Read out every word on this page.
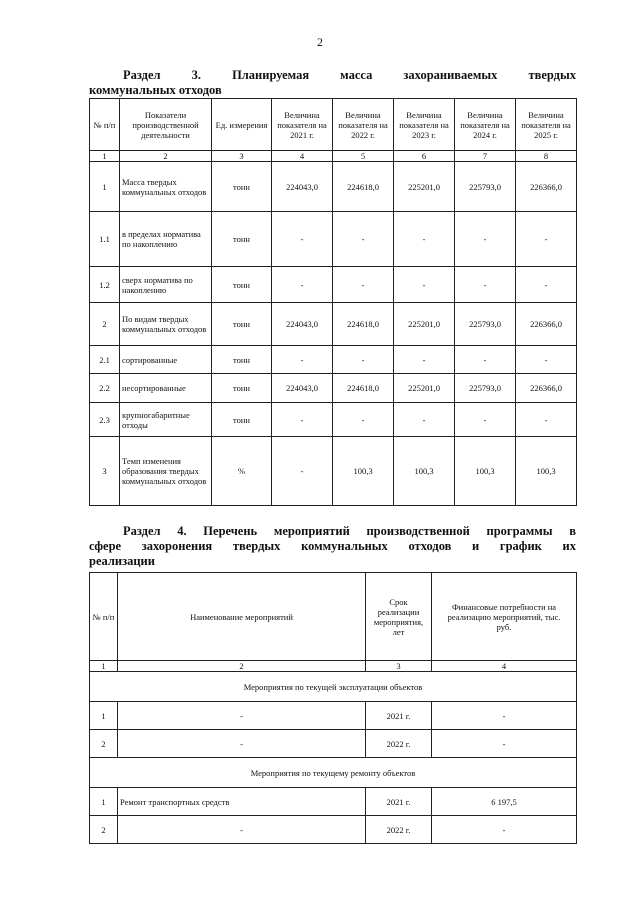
2
Раздел 3. Планируемая масса захораниваемых твердых
коммунальных отходов
№ п/п	Показатели производственной деятельности	Ед. измерения	Величина показателя на 2021 г.	Величина показателя на 2022 г.	Величина показателя на 2023 г.	Величина показателя на 2024 г.	Величина показателя на 2025 г.
1	2	3	4	5	6	7	8
1	Масса твердых коммунальных отходов	тонн	224043,0	224618,0	225201,0	225793,0	226366,0
1.1	в пределах норматива по накоплению	тонн	-	-	-	-	-
1.2	сверх норматива по накоплению	тонн	-	-	-	-	-
2	По видам твердых коммунальных отходов	тонн	224043,0	224618,0	225201,0	225793,0	226366,0
2.1	сортированные	тонн	-	-	-	-	-
2.2	несортированные	тонн	224043,0	224618,0	225201,0	225793,0	226366,0
2.3	крупногабаритные отходы	тонн	-	-	-	-	-
3	Темп изменения образования твердых коммунальных отходов	%	-	100,3	100,3	100,3	100,3
Раздел 4. Перечень мероприятий производственной программы в
сфере захоронения твердых коммунальных отходов и график их
реализации
№ п/п	Наименование мероприятий	Срок реализации мероприятия, лет	Финансовые потребности на реализацию мероприятий, тыс. руб.
1	2	3	4
Мероприятия по текущей эксплуатации объектов			
1	-	2021 г.	-
2	-	2022 г.	-
Мероприятия по текущему ремонту объектов			
1	Ремонт транспортных средств	2021 г.	6 197,5
2	-	2022 г.	-
